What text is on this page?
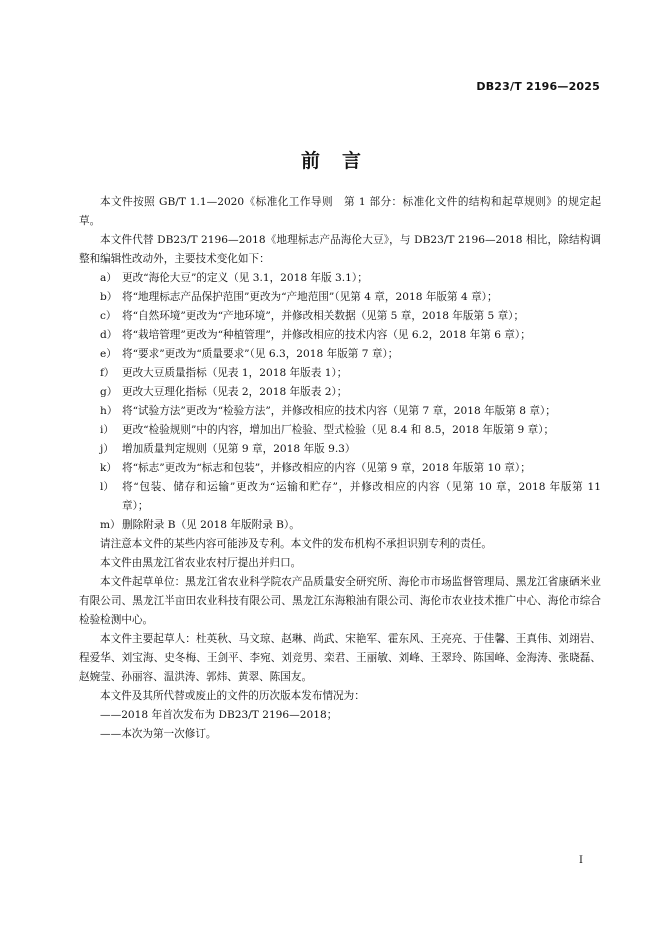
DB23/T 2196—2025
前言

本文件按照 GB/T 1.1—2020《标准化工作导则　第 1 部分：标准化文件的结构和起草规则》的规定起草。

本文件代替 DB23/T 2196—2018《地理标志产品海伦大豆》，与 DB23/T 2196—2018 相比，除结构调整和编辑性改动外，主要技术变化如下：

a） 更改“海伦大豆”的定义（见 3.1，2018 年版 3.1）；
b） 将“地理标志产品保护范围”更改为“产地范围”（见第 4 章，2018 年版第 4 章）；
c） 将“自然环境”更改为“产地环境”，并修改相关数据（见第 5 章，2018 年版第 5 章）；
d） 将“栽培管理”更改为“种植管理”，并修改相应的技术内容（见 6.2，2018 年第 6 章）；
e） 将“要求”更改为“质量要求”（见 6.3，2018 年版第 7 章）；
f） 更改大豆质量指标（见表 1，2018 年版表 1）；
g） 更改大豆理化指标（见表 2，2018 年版表 2）；
h） 将“试验方法”更改为“检验方法”，并修改相应的技术内容（见第 7 章，2018 年版第 8 章）；
i） 更改“检验规则”中的内容，增加出厂检验、型式检验（见 8.4 和 8.5，2018 年版第 9 章）；
j） 增加质量判定规则（见第 9 章，2018 年版 9.3）
k） 将“标志”更改为“标志和包装”，并修改相应的内容（见第 9 章，2018 年版第 10 章）；
l） 将“包装、储存和运输”更改为“运输和贮存”，并修改相应的内容（见第 10 章，2018 年版第 11 章）；
m） 删除附录 B（见 2018 年版附录 B）。

请注意本文件的某些内容可能涉及专利。本文件的发布机构不承担识别专利的责任。

本文件由黑龙江省农业农村厅提出并归口。

本文件起草单位：黑龙江省农业科学院农产品质量安全研究所、海伦市市场监督管理局、黑龙江省康硒米业有限公司、黑龙江半亩田农业科技有限公司、黑龙江东海粮油有限公司、海伦市农业技术推广中心、海伦市综合检验检测中心。

本文件主要起草人：杜英秋、马文琼、赵琳、尚武、宋艳军、霍东风、王亮亮、于佳馨、王真伟、刘翊岩、程爱华、刘宝海、史冬梅、王剑平、李宛、刘竞男、栾君、王丽敏、刘峰、王翠玲、陈国峰、金海涛、张晓磊、赵婉莹、孙丽容、温洪涛、郭炜、黄翠、陈国友。

本文件及其所代替或废止的文件的历次版本发布情况为：

——2018 年首次发布为 DB23/T 2196—2018；

——本次为第一次修订。

I
